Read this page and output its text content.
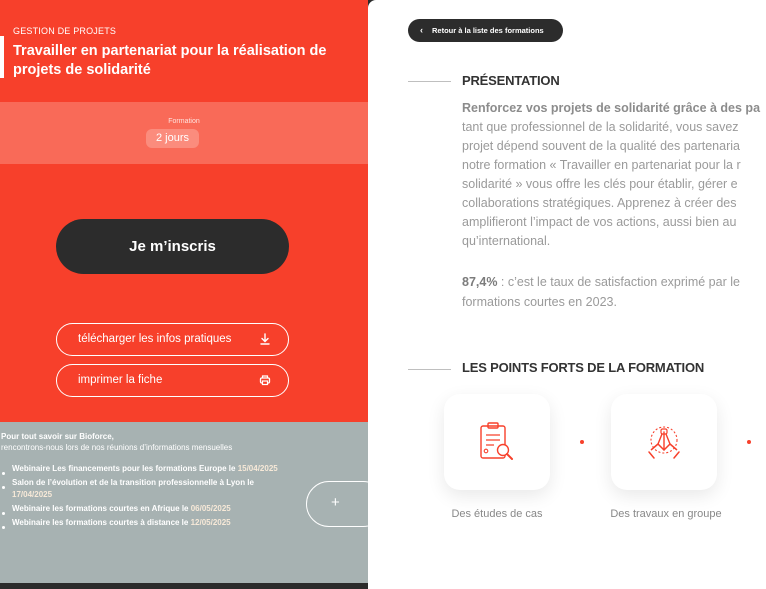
GESTION DE PROJETS
Travailler en partenariat pour la réalisation de projets de solidarité
Formation
2 jours
Je m’inscris
télécharger les infos pratiques
imprimer la fiche
Pour tout savoir sur Bioforce,
rencontrons-nous lors de nos réunions d’informations mensuelles
Webinaire Les financements pour les formations Europe le 15/04/2025
Salon de l’évolution et de la transition professionnelle à Lyon le 17/04/2025
Webinaire les formations courtes en Afrique le 06/05/2025
Webinaire les formations courtes à distance le 12/05/2025
+
‹ Retour à la liste des formations
PRÉSENTATION
Renforcez vos projets de solidarité grâce à des pa
tant que professionnel de la solidarité, vous savez
projet dépend souvent de la qualité des partenaria
notre formation « Travailler en partenariat pour la r
solidarité » vous offre les clés pour établir, gérer e
collaborations stratégiques. Apprenez à créer des
amplifieront l’impact de vos actions, aussi bien au
qu’international.
87,4% : c’est le taux de satisfaction exprimé par le
formations courtes en 2023.
LES POINTS FORTS DE LA FORMATION
Des études de cas	Des travaux en groupe
